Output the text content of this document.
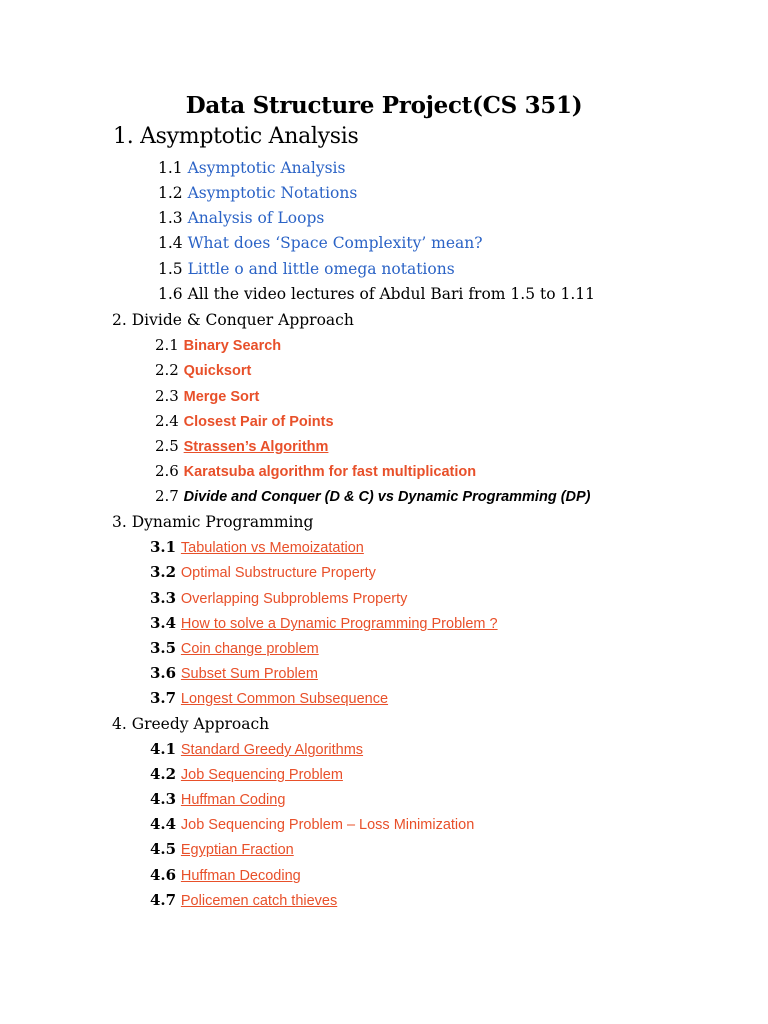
Data Structure Project(CS 351)
1. Asymptotic Analysis
1.1 Asymptotic Analysis
1.2 Asymptotic Notations
1.3 Analysis of Loops
1.4 What does ‘Space Complexity’ mean?
1.5 Little o and little omega notations
1.6 All the video lectures of Abdul Bari from 1.5 to 1.11
2. Divide & Conquer Approach
2.1 Binary Search
2.2 Quicksort
2.3 Merge Sort
2.4 Closest Pair of Points
2.5 Strassen’s Algorithm
2.6 Karatsuba algorithm for fast multiplication
2.7 Divide and Conquer (D & C) vs Dynamic Programming (DP)
3. Dynamic Programming
3.1 Tabulation vs Memoizatation
3.2 Optimal Substructure Property
3.3 Overlapping Subproblems Property
3.4 How to solve a Dynamic Programming Problem ?
3.5 Coin change problem
3.6 Subset Sum Problem
3.7 Longest Common Subsequence
4. Greedy Approach
4.1 Standard Greedy Algorithms
4.2 Job Sequencing Problem
4.3 Huffman Coding
4.4 Job Sequencing Problem – Loss Minimization
4.5 Egyptian Fraction
4.6 Huffman Decoding
4.7 Policemen catch thieves
